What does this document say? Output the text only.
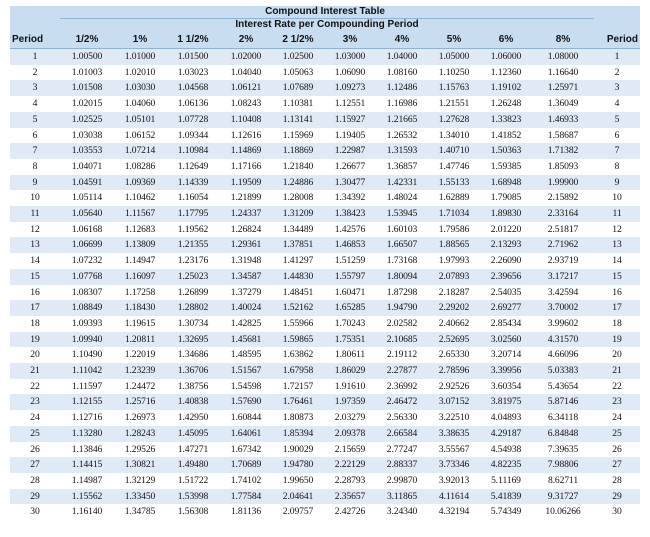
Compound Interest Table											
	Interest Rate per Compounding Period										
Period	1/2%	1%	1 1/2%	2%	2 1/2%	3%	4%	5%	6%	8%	Period
1	1.00500	1.01000	1.01500	1.02000	1.02500	1.03000	1.04000	1.05000	1.06000	1.08000	1
2	1.01003	1.02010	1.03023	1.04040	1.05063	1.06090	1.08160	1.10250	1.12360	1.16640	2
3	1.01508	1.03030	1.04568	1.06121	1.07689	1.09273	1.12486	1.15763	1.19102	1.25971	3
4	1.02015	1.04060	1.06136	1.08243	1.10381	1.12551	1.16986	1.21551	1.26248	1.36049	4
5	1.02525	1.05101	1.07728	1.10408	1.13141	1.15927	1.21665	1.27628	1.33823	1.46933	5
6	1.03038	1.06152	1.09344	1.12616	1.15969	1.19405	1.26532	1.34010	1.41852	1.58687	6
7	1.03553	1.07214	1.10984	1.14869	1.18869	1.22987	1.31593	1.40710	1.50363	1.71382	7
8	1.04071	1.08286	1.12649	1.17166	1.21840	1.26677	1.36857	1.47746	1.59385	1.85093	8
9	1.04591	1.09369	1.14339	1.19509	1.24886	1.30477	1.42331	1.55133	1.68948	1.99900	9
10	1.05114	1.10462	1.16054	1.21899	1.28008	1.34392	1.48024	1.62889	1.79085	2.15892	10
11	1.05640	1.11567	1.17795	1.24337	1.31209	1.38423	1.53945	1.71034	1.89830	2.33164	11
12	1.06168	1.12683	1.19562	1.26824	1.34489	1.42576	1.60103	1.79586	2.01220	2.51817	12
13	1.06699	1.13809	1.21355	1.29361	1.37851	1.46853	1.66507	1.88565	2.13293	2.71962	13
14	1.07232	1.14947	1.23176	1.31948	1.41297	1.51259	1.73168	1.97993	2.26090	2.93719	14
15	1.07768	1.16097	1.25023	1.34587	1.44830	1.55797	1.80094	2.07893	2.39656	3.17217	15
16	1.08307	1.17258	1.26899	1.37279	1.48451	1.60471	1.87298	2.18287	2.54035	3.42594	16
17	1.08849	1.18430	1.28802	1.40024	1.52162	1.65285	1.94790	2.29202	2.69277	3.70002	17
18	1.09393	1.19615	1.30734	1.42825	1.55966	1.70243	2.02582	2.40662	2.85434	3.99602	18
19	1.09940	1.20811	1.32695	1.45681	1.59865	1.75351	2.10685	2.52695	3.02560	4.31570	19
20	1.10490	1.22019	1.34686	1.48595	1.63862	1.80611	2.19112	2.65330	3.20714	4.66096	20
21	1.11042	1.23239	1.36706	1.51567	1.67958	1.86029	2.27877	2.78596	3.39956	5.03383	21
22	1.11597	1.24472	1.38756	1.54598	1.72157	1.91610	2.36992	2.92526	3.60354	5.43654	22
23	1.12155	1.25716	1.40838	1.57690	1.76461	1.97359	2.46472	3.07152	3.81975	5.87146	23
24	1.12716	1.26973	1.42950	1.60844	1.80873	2.03279	2.56330	3.22510	4.04893	6.34118	24
25	1.13280	1.28243	1.45095	1.64061	1.85394	2.09378	2.66584	3.38635	4.29187	6.84848	25
26	1.13846	1.29526	1.47271	1.67342	1.90029	2.15659	2.77247	3.55567	4.54938	7.39635	26
27	1.14415	1.30821	1.49480	1.70689	1.94780	2.22129	2.88337	3.73346	4.82235	7.98806	27
28	1.14987	1.32129	1.51722	1.74102	1.99650	2.28793	2.99870	3.92013	5.11169	8.62711	28
29	1.15562	1.33450	1.53998	1.77584	2.04641	2.35657	3.11865	4.11614	5.41839	9.31727	29
30	1.16140	1.34785	1.56308	1.81136	2.09757	2.42726	3.24340	4.32194	5.74349	10.06266	30
